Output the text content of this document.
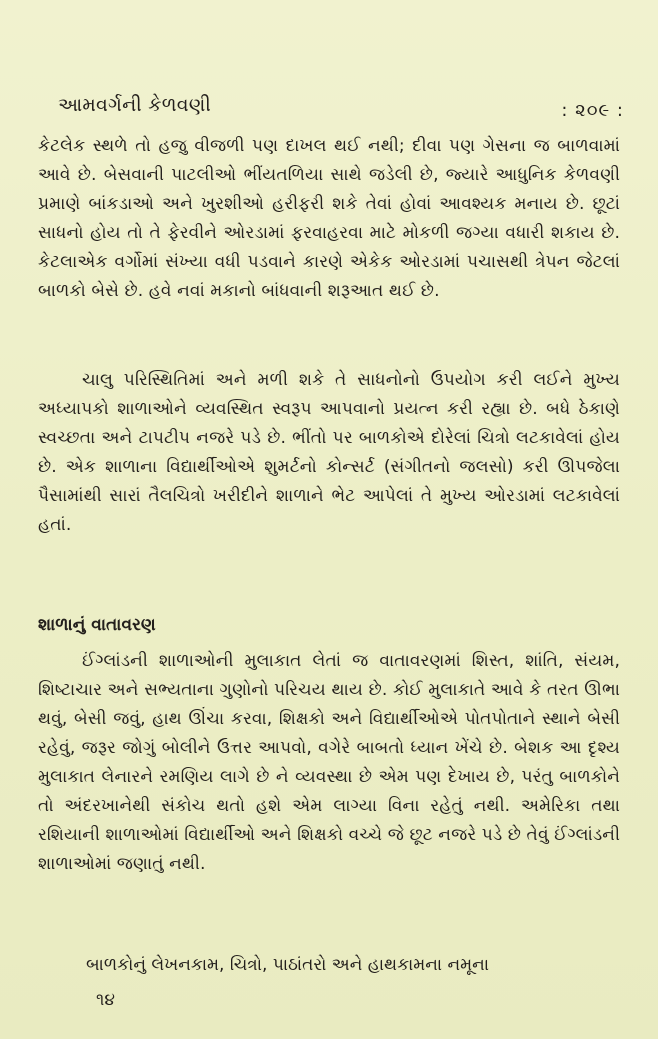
આમવર્ગની કેળવણી	: ૨૦૯ :

કેટલેક સ્થળે તો હજુ વીજળી પણ દાખલ થઈ નથી; દીવા પણ ગેસના જ બાળવામાં આવે છે. બેસવાની પાટલીઓ ભીંયતળિયા સાથે જડેલી છે, જ્યારે આધુનિક કેળવણી પ્રમાણે બાંકડાઓ અને ખુરશીઓ હરીફરી શકે તેવાં હોવાં આવશ્યક મનાય છે. છૂટાં સાધનો હોય તો તે ફેરવીને ઓરડામાં ફરવાહરવા માટે મોકળી જગ્યા વધારી શકાય છે. કેટલાએક વર્ગોમાં સંખ્યા વધી પડવાને કારણે એકેક ઓરડામાં પચાસથી ત્રેપન જેટલાં બાળકો બેસે છે. હવે નવાં મકાનો બાંધવાની શરૂઆત થઈ છે.

ચાલુ પરિસ્થિતિમાં અને મળી શકે તે સાધનોનો ઉપયોગ કરી લઈને મુખ્ય અધ્યાપકો શાળાઓને વ્યવસ્થિત સ્વરૂપ આપવાનો પ્રયત્ન કરી રહ્યા છે. બધે ઠેકાણે સ્વચ્છતા અને ટાપટીપ નજરે પડે છે. ભીંતો પર બાળકોએ દોરેલાં ચિત્રો લટકાવેલાં હોય છે. એક શાળાના વિદ્યાર્થીઓએ શુમર્ટનો કોન્સર્ટ (સંગીતનો જલસો) કરી ઊપજેલા પૈસામાંથી સારાં તૈલચિત્રો ખરીદીને શાળાને ભેટ આપેલાં તે મુખ્ય ઓરડામાં લટકાવેલાં હતાં.

શાળાનું વાતાવરણ

ઈંગ્લાંડની શાળાઓની મુલાકાત લેતાં જ વાતાવરણમાં શિસ્ત, શાંતિ, સંયમ, શિષ્ટાચાર અને સભ્યતાના ગુણોનો પરિચય થાય છે. કોઈ મુલાકાતે આવે કે તરત ઊભા થવું, બેસી જવું, હાથ ઊંચા કરવા, શિક્ષકો અને વિદ્યાર્થીઓએ પોતપોતાને સ્થાને બેસી રહેવું, જરૂર જોગું બોલીને ઉત્તર આપવો, વગેરે બાબતો ધ્યાન ખેંચે છે. બેશક આ દૃશ્ય મુલાકાત લેનારને રમણિય લાગે છે ને વ્યવસ્થા છે એમ પણ દેખાય છે, પરંતુ બાળકોને તો અંદરખાનેથી સંકોચ થતો હશે એમ લાગ્યા વિના રહેતું નથી. અમેરિકા તથા રશિયાની શાળાઓમાં વિદ્યાર્થીઓ અને શિક્ષકો વચ્ચે જે છૂટ નજરે પડે છે તેવું ઈંગ્લાંડની શાળાઓમાં જણાતું નથી.

બાળકોનું લેખનકામ, ચિત્રો, પાઠાંતરો અને હાથકામના નમૂના
૧૪
